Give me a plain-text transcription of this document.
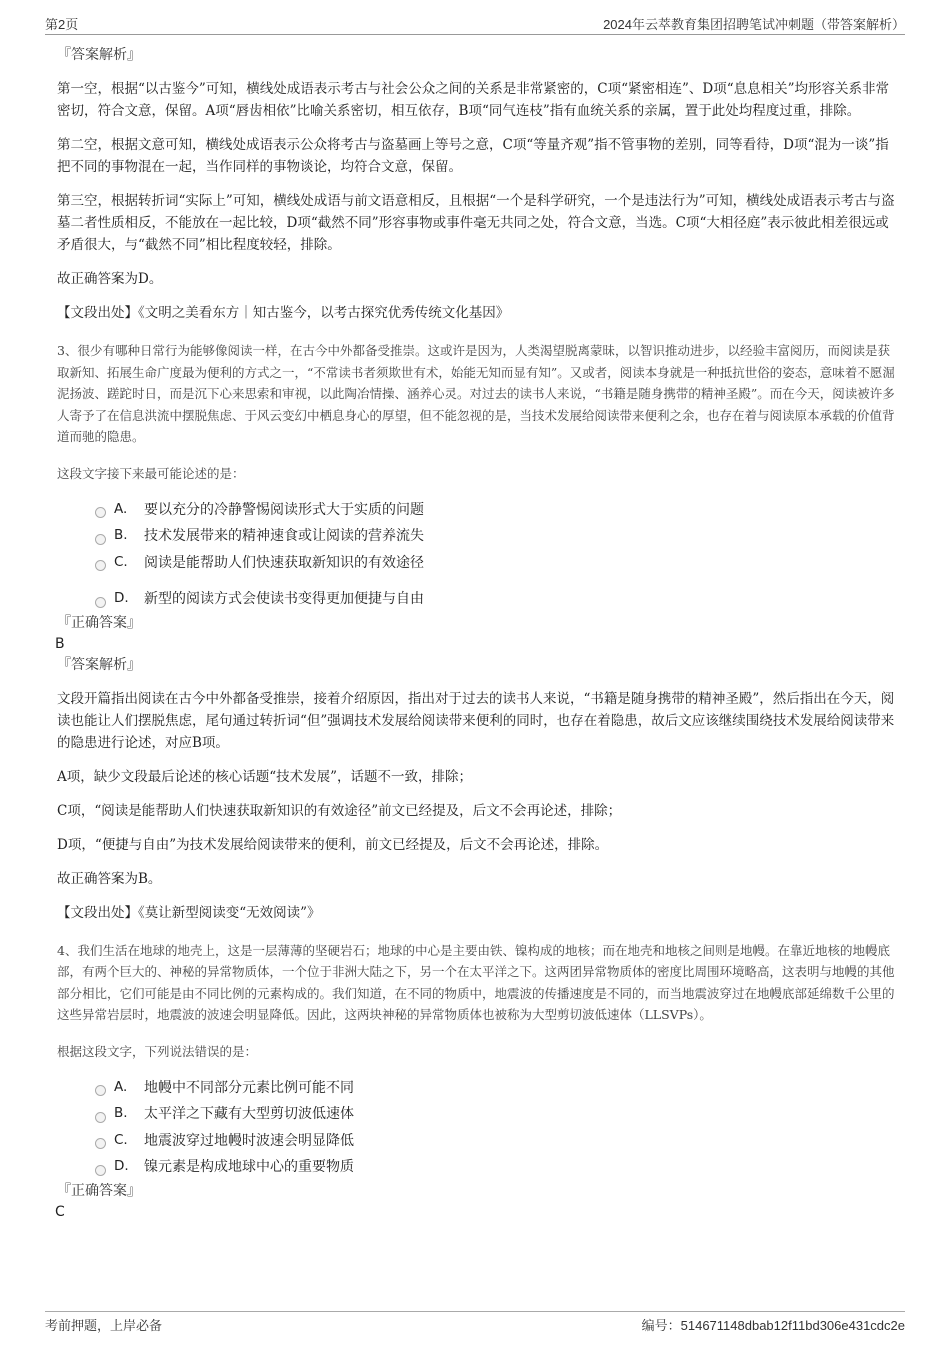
第2页	2024年云萃教育集团招聘笔试冲刺题（带答案解析）
『答案解析』

第一空，根据“以古鉴今”可知，横线处成语表示考古与社会公众之间的关系是非常紧密的，C项“紧密相连”、D项“息息相关”均形容关系非常密切，符合文意，保留。A项“唇齿相依”比喻关系密切，相互依存，B项“同气连枝”指有血统关系的亲属，置于此处均程度过重，排除。

第二空，根据文意可知，横线处成语表示公众将考古与盗墓画上等号之意，C项“等量齐观”指不管事物的差别，同等看待，D项“混为一谈”指把不同的事物混在一起，当作同样的事物谈论，均符合文意，保留。

第三空，根据转折词“实际上”可知，横线处成语与前文语意相反，且根据“一个是科学研究，一个是违法行为”可知，横线处成语表示考古与盗墓二者性质相反，不能放在一起比较，D项“截然不同”形容事物或事件毫无共同之处，符合文意，当选。C项“大相径庭”表示彼此相差很远或矛盾很大，与“截然不同”相比程度较轻，排除。

故正确答案为D。

【文段出处】《文明之美看东方｜知古鉴今，以考古探究优秀传统文化基因》

3、很少有哪种日常行为能够像阅读一样，在古今中外都备受推崇。这或许是因为，人类渴望脱离蒙昧，以智识推动进步，以经验丰富阅历，而阅读是获取新知、拓展生命广度最为便利的方式之一，“不常读书者须欺世有术，始能无知而显有知”。又或者，阅读本身就是一种抵抗世俗的姿态，意味着不愿淈泥扬波、蹉跎时日，而是沉下心来思索和审视，以此陶冶情操、涵养心灵。对过去的读书人来说，“书籍是随身携带的精神圣殿”。而在今天，阅读被许多人寄予了在信息洪流中摆脱焦虑、于风云变幻中栖息身心的厚望，但不能忽视的是，当技术发展给阅读带来便利之余，也存在着与阅读原本承载的价值背道而驰的隐患。

这段文字接下来最可能论述的是：

A.	要以充分的冷静警惕阅读形式大于实质的问题
B.	技术发展带来的精神速食或让阅读的营养流失
C.	阅读是能帮助人们快速获取新知识的有效途径
D.	新型的阅读方式会使读书变得更加便捷与自由
『正确答案』
B
『答案解析』

文段开篇指出阅读在古今中外都备受推崇，接着介绍原因，指出对于过去的读书人来说，“书籍是随身携带的精神圣殿”，然后指出在今天，阅读也能让人们摆脱焦虑，尾句通过转折词“但”强调技术发展给阅读带来便利的同时，也存在着隐患，故后文应该继续围绕技术发展给阅读带来的隐患进行论述，对应B项。

A项，缺少文段最后论述的核心话题“技术发展”，话题不一致，排除；

C项，“阅读是能帮助人们快速获取新知识的有效途径”前文已经提及，后文不会再论述，排除；

D项，“便捷与自由”为技术发展给阅读带来的便利，前文已经提及，后文不会再论述，排除。

故正确答案为B。

【文段出处】《莫让新型阅读变“无效阅读”》

4、我们生活在地球的地壳上，这是一层薄薄的坚硬岩石；地球的中心是主要由铁、镍构成的地核；而在地壳和地核之间则是地幔。在靠近地核的地幔底部，有两个巨大的、神秘的异常物质体，一个位于非洲大陆之下，另一个在太平洋之下。这两团异常物质体的密度比周围环境略高，这表明与地幔的其他部分相比，它们可能是由不同比例的元素构成的。我们知道，在不同的物质中，地震波的传播速度是不同的，而当地震波穿过在地幔底部延绵数千公里的这些异常岩层时，地震波的波速会明显降低。因此，这两块神秘的异常物质体也被称为大型剪切波低速体（LLSVPs）。

根据这段文字，下列说法错误的是：

A.	地幔中不同部分元素比例可能不同
B.	太平洋之下藏有大型剪切波低速体
C.	地震波穿过地幔时波速会明显降低
D.	镍元素是构成地球中心的重要物质
『正确答案』
C
考前押题，上岸必备	编号：514671148dbab12f11bd306e431cdc2e
